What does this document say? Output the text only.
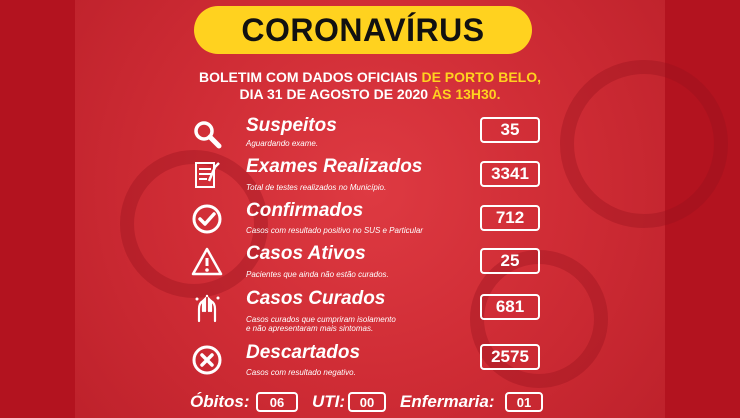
CORONAVÍRUS
BOLETIM COM DADOS OFICIAIS DE PORTO BELO,
DIA 31 DE AGOSTO DE 2020 ÀS 13H30.
Suspeitos
Aguardando exame.
35
Exames Realizados
Total de testes realizados no Município.
3341
Confirmados
Casos com resultado positivo no SUS e Particular
712
Casos Ativos
Pacientes que ainda não estão curados.
25
Casos Curados
Casos curados que cumpriram isolamento
e não apresentaram mais sintomas.
681
Descartados
Casos com resultado negativo.
2575
Óbitos:	06	UTI:	00	Enfermaria:	01
